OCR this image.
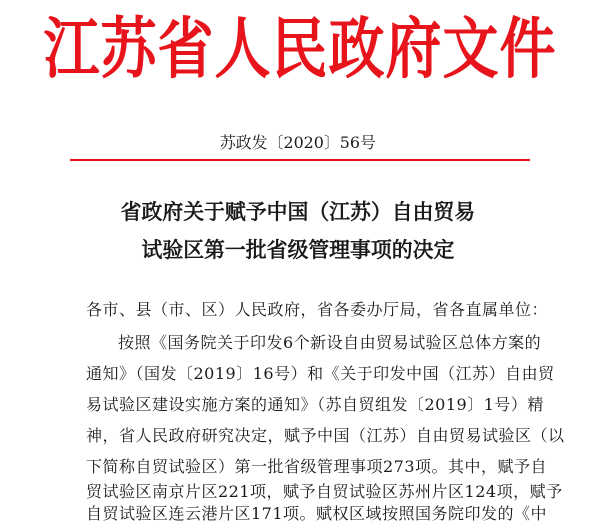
江苏省人民政府文件
苏政发〔2020〕56号
省政府关于赋予中国（江苏）自由贸易
试验区第一批省级管理事项的决定
各市、县（市、区）人民政府，省各委办厅局，省各直属单位：
按照《国务院关于印发6个新设自由贸易试验区总体方案的
通知》（国发〔2019〕16号）和《关于印发中国（江苏）自由贸
易试验区建设实施方案的通知》（苏自贸组发〔2019〕1号）精
神，省人民政府研究决定，赋予中国（江苏）自由贸易试验区（以
下简称自贸试验区）第一批省级管理事项273项。其中，赋予自
贸试验区南京片区221项，赋予自贸试验区苏州片区124项，赋予
自贸试验区连云港片区171项。赋权区域按照国务院印发的《中
